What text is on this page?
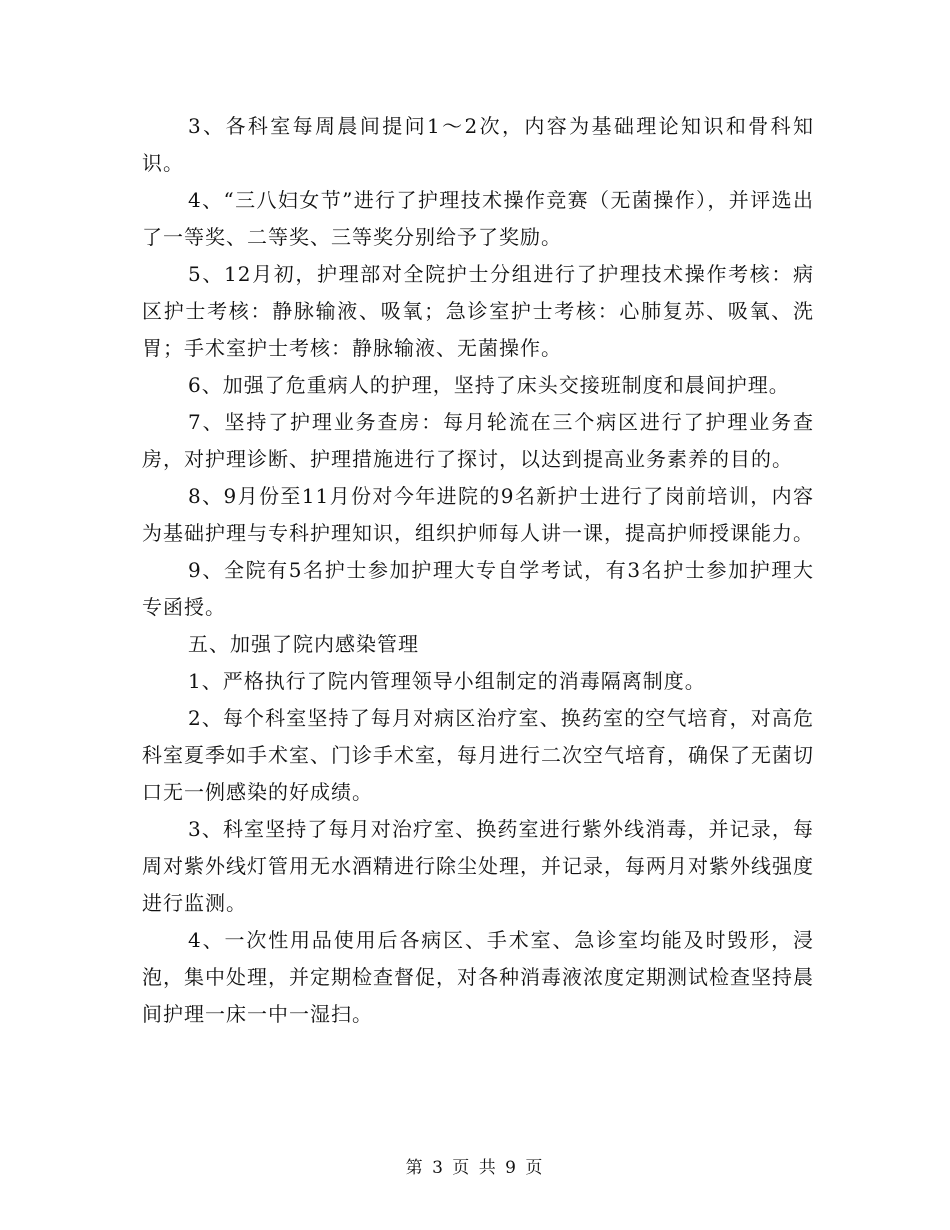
3、各科室每周晨间提问1～2次，内容为基础理论知识和骨科知识。

4、“三八妇女节”进行了护理技术操作竞赛（无菌操作），并评选出了一等奖、二等奖、三等奖分别给予了奖励。

5、12月初，护理部对全院护士分组进行了护理技术操作考核：病区护士考核：静脉输液、吸氧；急诊室护士考核：心肺复苏、吸氧、洗胃；手术室护士考核：静脉输液、无菌操作。

6、加强了危重病人的护理，坚持了床头交接班制度和晨间护理。

7、坚持了护理业务查房：每月轮流在三个病区进行了护理业务查房，对护理诊断、护理措施进行了探讨，以达到提高业务素养的目的。

8、9月份至11月份对今年进院的9名新护士进行了岗前培训，内容为基础护理与专科护理知识，组织护师每人讲一课，提高护师授课能力。

9、全院有5名护士参加护理大专自学考试，有3名护士参加护理大专函授。

五、加强了院内感染管理

1、严格执行了院内管理领导小组制定的消毒隔离制度。

2、每个科室坚持了每月对病区治疗室、换药室的空气培育，对高危科室夏季如手术室、门诊手术室，每月进行二次空气培育，确保了无菌切口无一例感染的好成绩。

3、科室坚持了每月对治疗室、换药室进行紫外线消毒，并记录，每周对紫外线灯管用无水酒精进行除尘处理，并记录，每两月对紫外线强度进行监测。

4、一次性用品使用后各病区、手术室、急诊室均能及时毁形，浸泡，集中处理，并定期检查督促，对各种消毒液浓度定期测试检查坚持晨间护理一床一中一湿扫。

第 3 页 共 9 页
